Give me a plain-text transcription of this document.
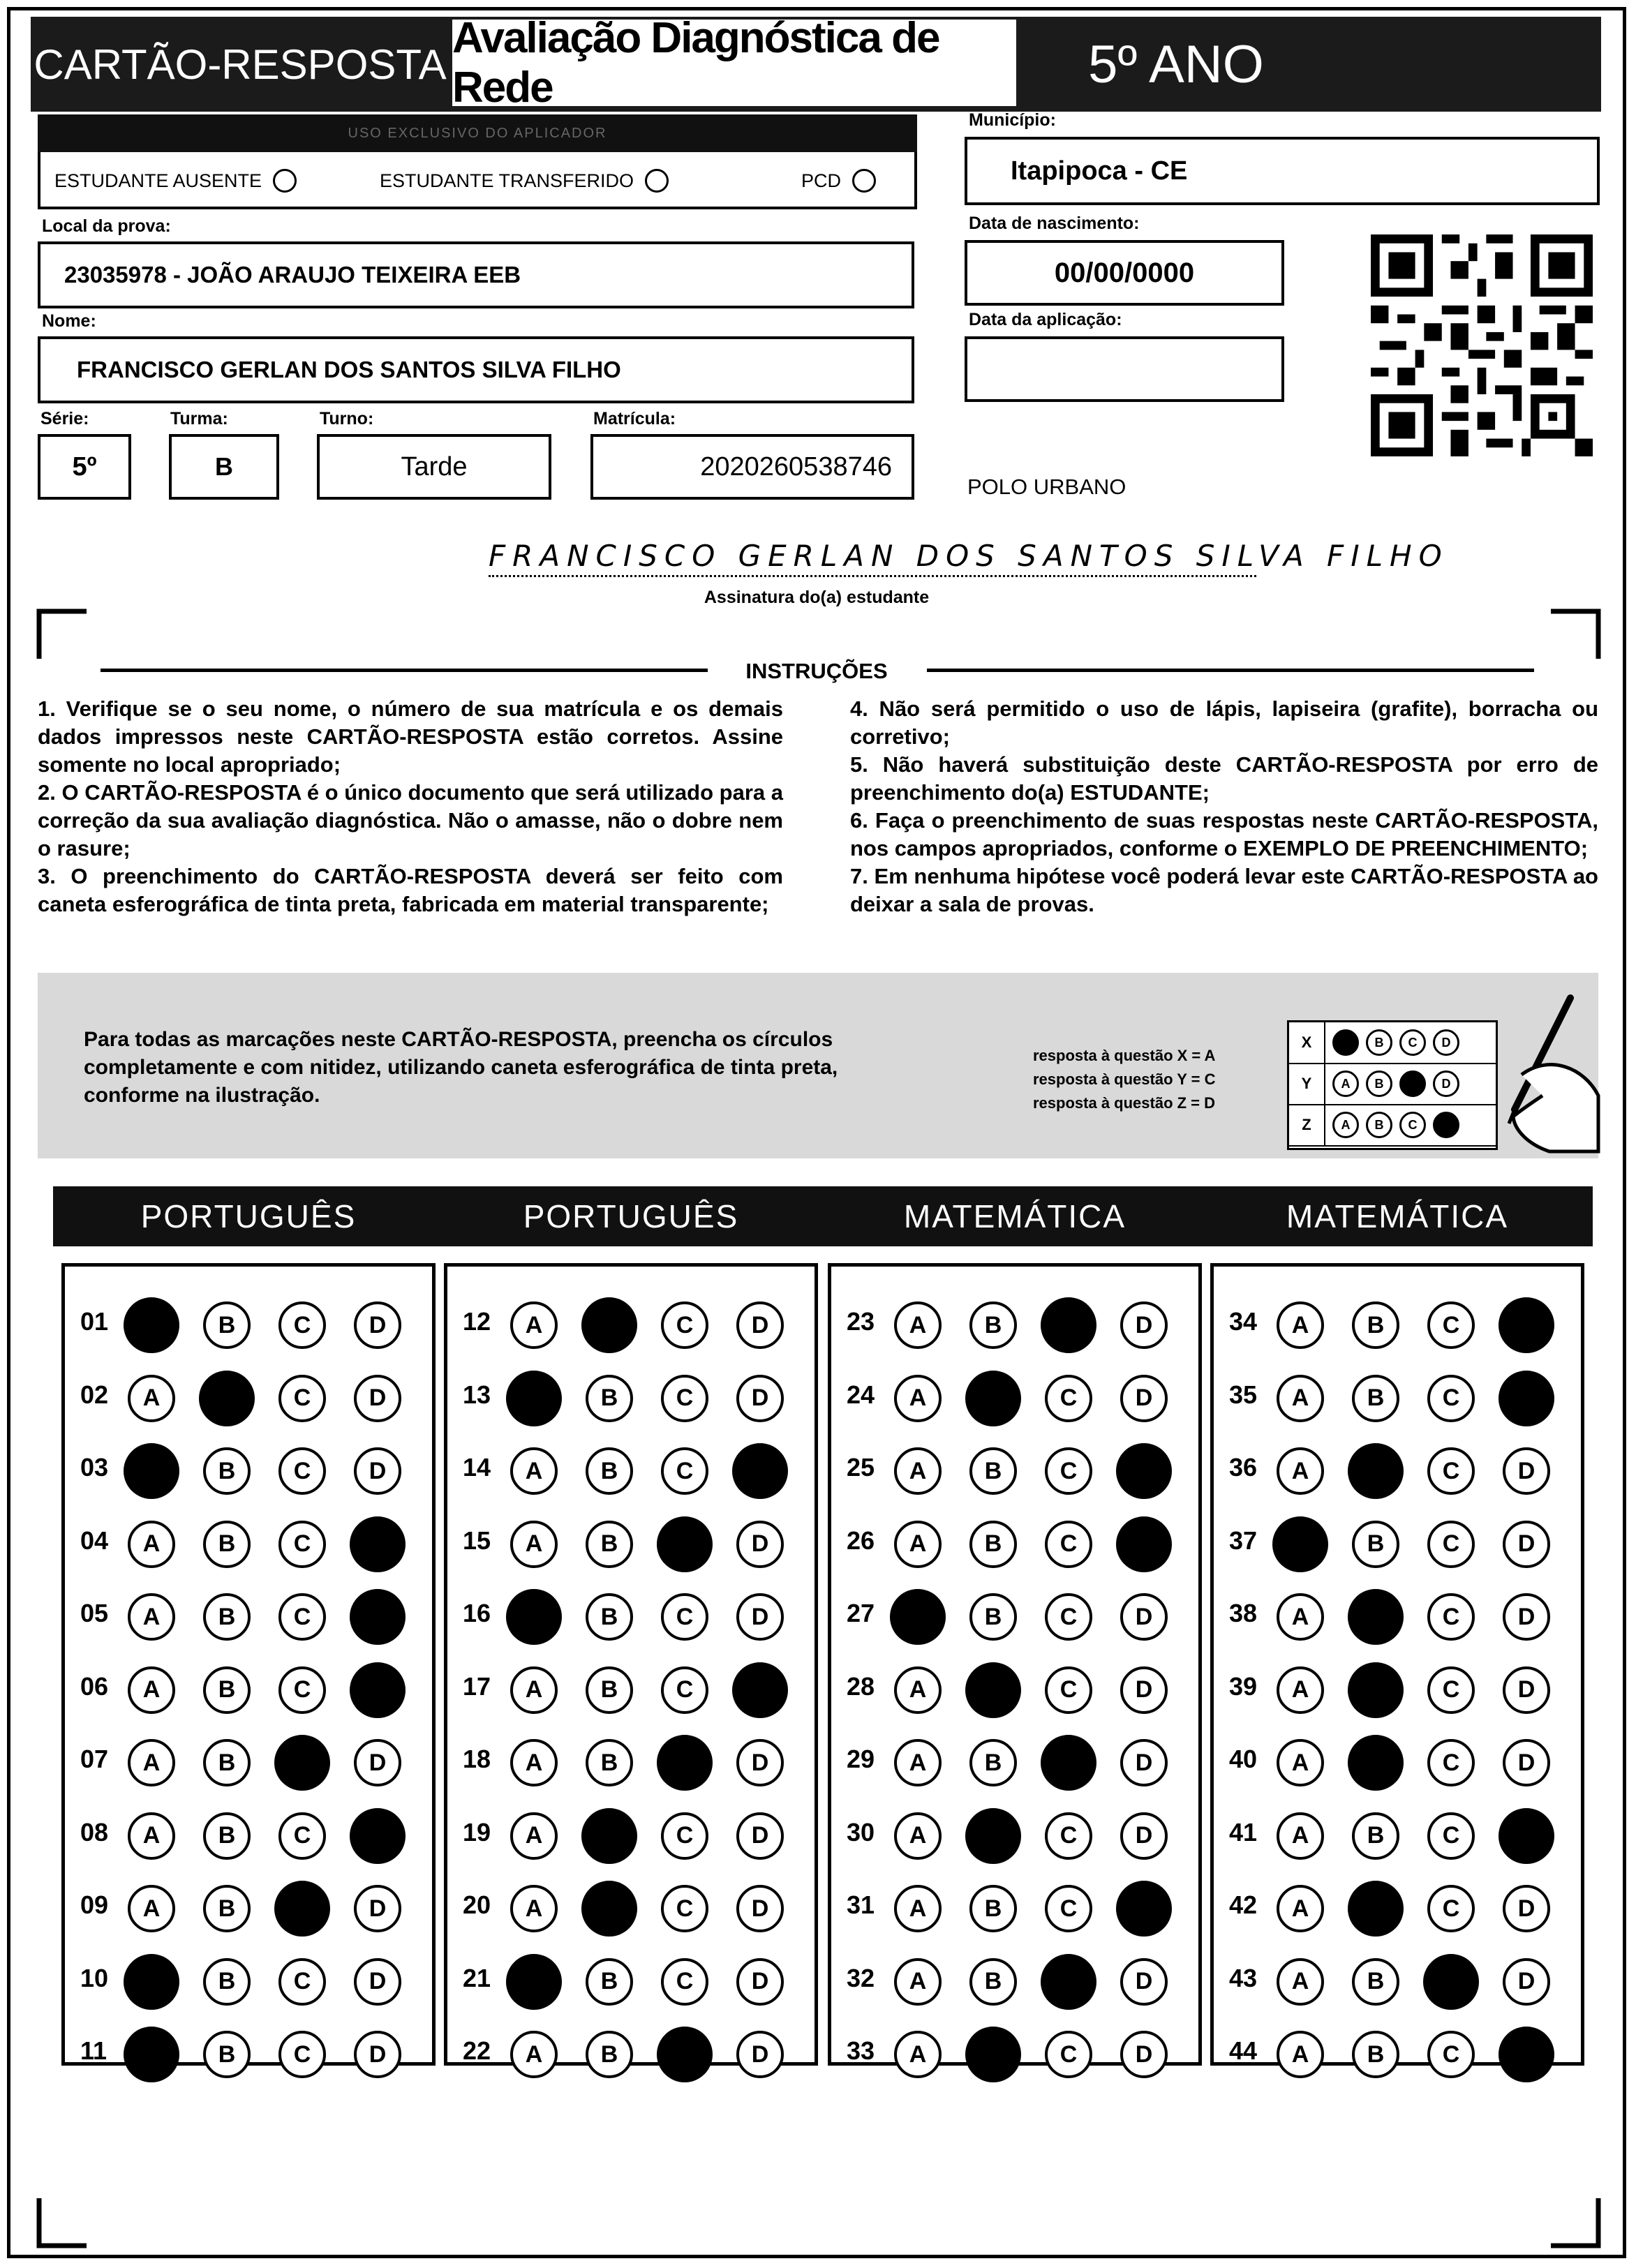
CARTÃO-RESPOSTA
Avaliação Diagnóstica de Rede	5º ANO
USO EXCLUSIVO DO APLICADOR
ESTUDANTE AUSENTE	ESTUDANTE TRANSFERIDO	PCD
Local da prova:
23035978 - JOÃO ARAUJO TEIXEIRA EEB
Nome:
FRANCISCO GERLAN DOS SANTOS SILVA FILHO
Série:
5º
Turma:
B
Turno:
Tarde
Matrícula:
2020260538746
Município:
Itapipoca - CE
Data de nascimento:
00/00/0000
Data da aplicação:
POLO URBANO
FRANCISCO GERLAN DOS SANTOS SILVA FILHO
Assinatura do(a) estudante
INSTRUÇÕES

1. Verifique se o seu nome, o número de sua matrícula e os demais dados impressos neste CARTÃO-RESPOSTA estão corretos. Assine somente no local apropriado;

2. O CARTÃO-RESPOSTA é o único documento que será utilizado para a correção da sua avaliação diagnóstica. Não o amasse, não o dobre nem o rasure;

3. O preenchimento do CARTÃO-RESPOSTA deverá ser feito com caneta esferográfica de tinta preta, fabricada em material transparente;

4. Não será permitido o uso de lápis, lapiseira (grafite), borracha ou corretivo;

5. Não haverá substituição deste CARTÃO-RESPOSTA por erro de preenchimento do(a) ESTUDANTE;

6. Faça o preenchimento de suas respostas neste CARTÃO-RESPOSTA, nos campos apropriados, conforme o EXEMPLO DE PREENCHIMENTO;

7. Em nenhuma hipótese você poderá levar este CARTÃO-RESPOSTA ao deixar a sala de provas.

Para todas as marcações neste CARTÃO-RESPOSTA, preencha os círculos completamente e com nitidez, utilizando caneta esferográfica de tinta preta, conforme na ilustração.
resposta à questão X = A
resposta à questão Y = C
resposta à questão Z = D
X	A	B	C	D
Y	A	B	C	D
Z	A	B	C	D
PORTUGUÊS
01	A	B	C	D
02	A	B	C	D
03	A	B	C	D
04	A	B	C	D
05	A	B	C	D
06	A	B	C	D
07	A	B	C	D
08	A	B	C	D
09	A	B	C	D
10	A	B	C	D
11	A	B	C	D
PORTUGUÊS
12	A	B	C	D
13	A	B	C	D
14	A	B	C	D
15	A	B	C	D
16	A	B	C	D
17	A	B	C	D
18	A	B	C	D
19	A	B	C	D
20	A	B	C	D
21	A	B	C	D
22	A	B	C	D
MATEMÁTICA
23	A	B	C	D
24	A	B	C	D
25	A	B	C	D
26	A	B	C	D
27	A	B	C	D
28	A	B	C	D
29	A	B	C	D
30	A	B	C	D
31	A	B	C	D
32	A	B	C	D
33	A	B	C	D
MATEMÁTICA
34	A	B	C	D
35	A	B	C	D
36	A	B	C	D
37	A	B	C	D
38	A	B	C	D
39	A	B	C	D
40	A	B	C	D
41	A	B	C	D
42	A	B	C	D
43	A	B	C	D
44	A	B	C	D
